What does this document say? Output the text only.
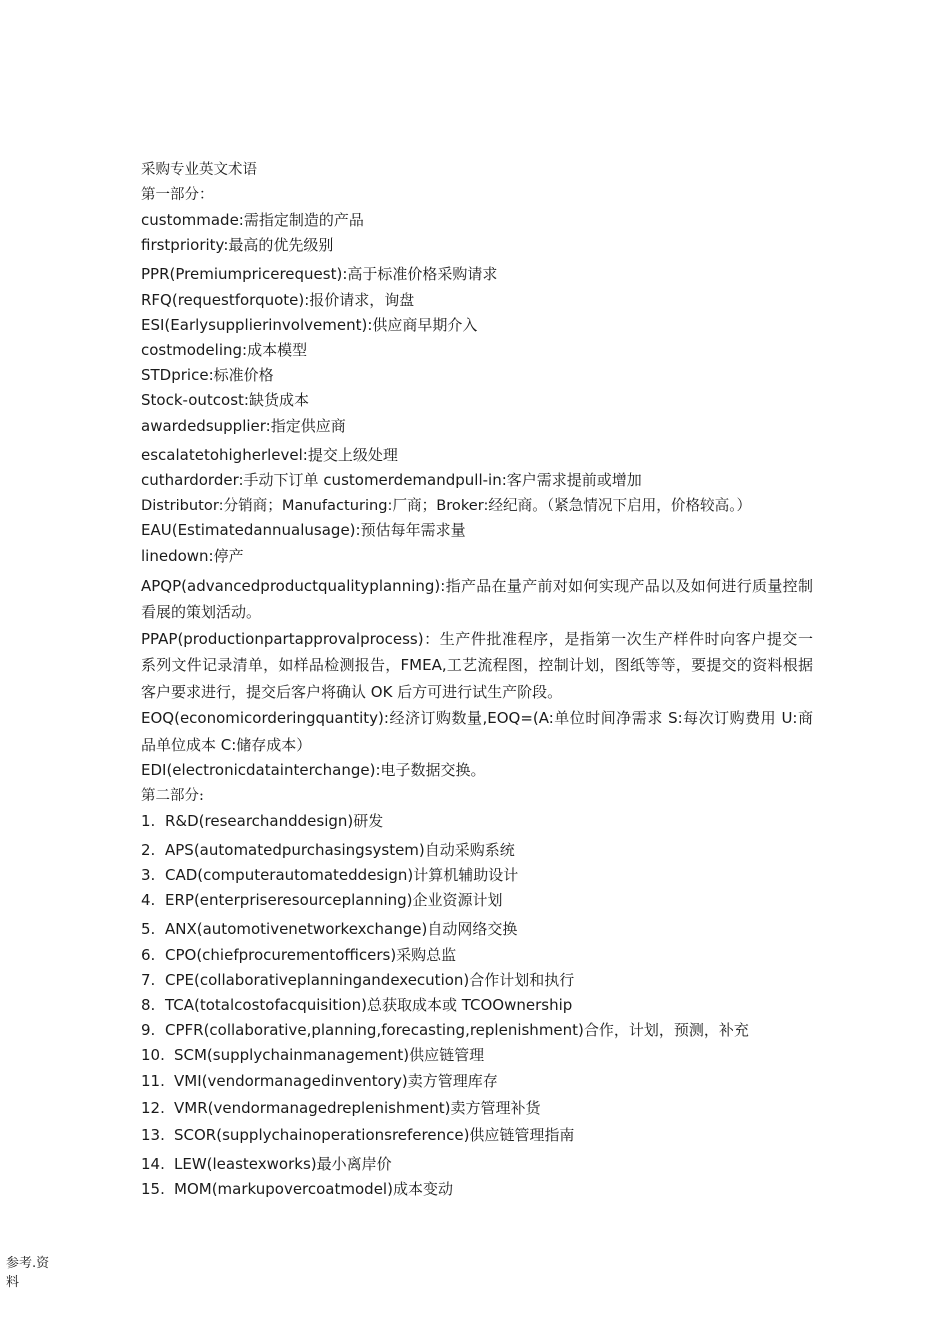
采购专业英文术语
第一部分：
custommade:需指定制造的产品
firstpriority:最高的优先级别
PPR(Premiumpricerequest):高于标准价格采购请求
RFQ(requestforquote):报价请求，询盘
ESI(Earlysupplierinvolvement):供应商早期介入
costmodeling:成本模型
STDprice:标准价格
Stock-outcost:缺货成本
awardedsupplier:指定供应商
escalatetohigherlevel:提交上级处理
cuthardorder:手动下订单 customerdemandpull-in:客户需求提前或增加
Distributor:分销商；Manufacturing:厂商；Broker:经纪商。（紧急情况下启用，价格较高。）
EAU(Estimatedannualusage):预估每年需求量
linedown:停产
APQP(advancedproductqualityplanning):指产品在量产前对如何实现产品以及如何进行质量控制看展的策划活动。
PPAP(productionpartapprovalprocess)：生产件批准程序，是指第一次生产样件时向客户提交一系列文件记录清单，如样品检测报告，FMEA,工艺流程图，控制计划，图纸等等，要提交的资料根据客户要求进行，提交后客户将确认 OK 后方可进行试生产阶段。
EOQ(economicorderingquantity):经济订购数量,EOQ=(A:单位时间净需求 S:每次订购费用 U:商品单位成本 C:储存成本）
EDI(electronicdatainterchange):电子数据交换。
第二部分:
1. R&D(researchanddesign)研发
2. APS(automatedpurchasingsystem)自动采购系统
3. CAD(computerautomateddesign)计算机辅助设计
4. ERP(enterpriseresourceplanning)企业资源计划
5. ANX(automotivenetworkexchange)自动网络交换
6. CPO(chiefprocurementofficers)采购总监
7. CPE(collaborativeplanningandexecution)合作计划和执行
8. TCA(totalcostofacquisition)总获取成本或 TCOOwnership
9. CPFR(collaborative,planning,forecasting,replenishment)合作，计划，预测，补充
10. SCM(supplychainmanagement)供应链管理
11. VMI(vendormanagedinventory)卖方管理库存
12. VMR(vendormanagedreplenishment)卖方管理补货
13. SCOR(supplychainoperationsreference)供应链管理指南
14. LEW(leastexworks)最小离岸价
15. MOM(markupovercoatmodel)成本变动
参考.资料
